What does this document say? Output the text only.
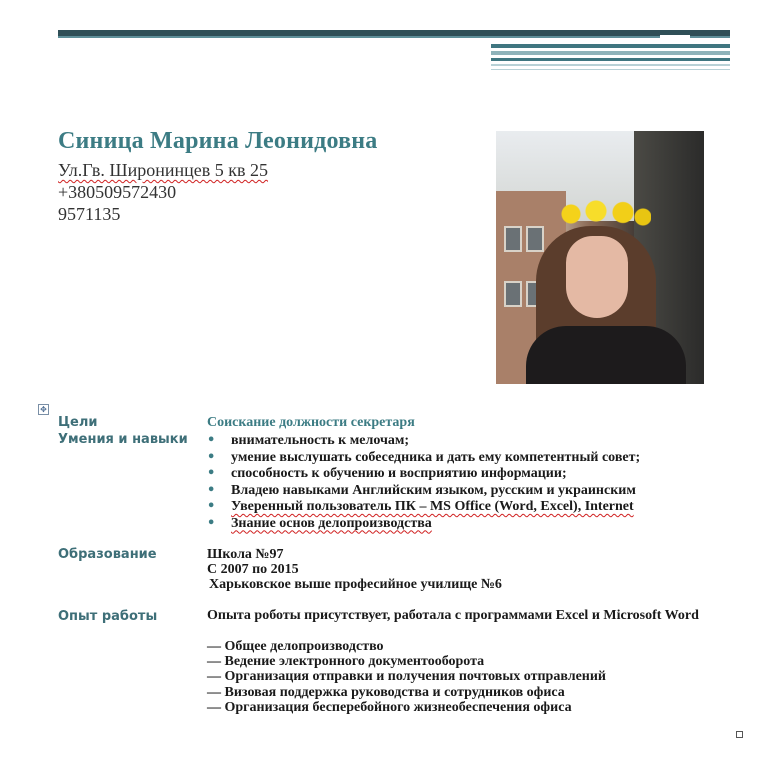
Синица Марина Леонидовна
Ул.Гв. Широнинцев 5 кв 25
+380509572430
9571135
✥
Цели	Соискание должности секретаря
Умения и навыки
•	внимательность к мелочам;
• умение выслушать собеседника и дать ему компетентный совет;
• способность к обучению и восприятию информации;
• Владею навыками Английским языком, русским и украинским
• Уверенный пользователь ПК – MS Office (Word, Excel), Internet
• Знание основ делопроизводства
Образование	Школа №97
С 2007 по 2015
Харьковское выше професийное училище №6
Опыт работы	Опыта роботы присутствует, работала с программами Excel и Microsoft Word
— Общее делопроизводство
— Ведение электронного документооборота
— Организация отправки и получения почтовых отправлений
— Визовая поддержка руководства и сотрудников офиса
— Организация бесперебойного жизнеобеспечения офиса
